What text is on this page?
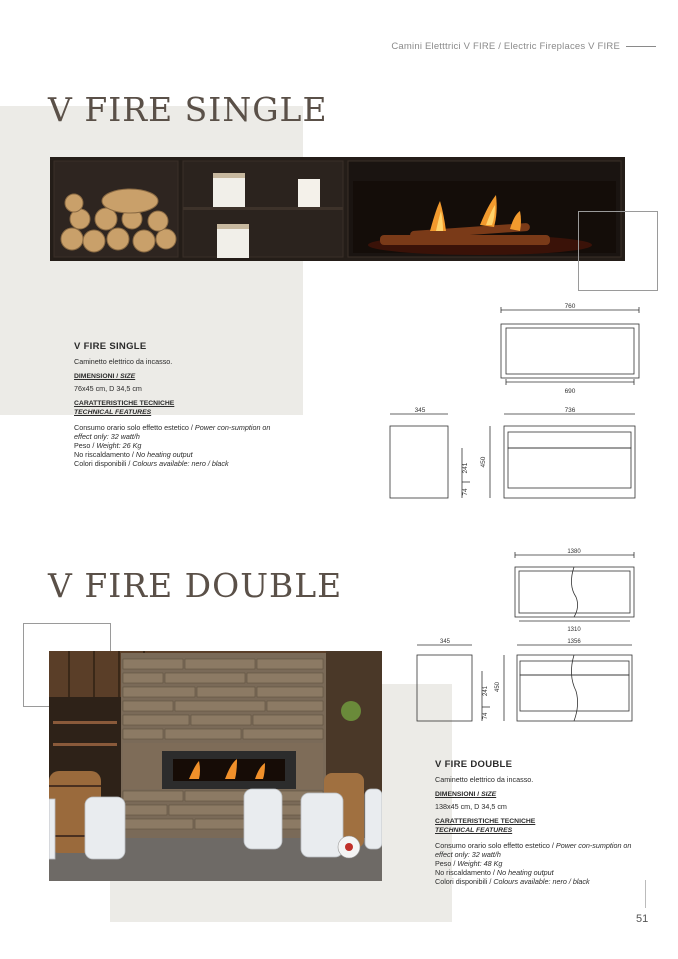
Camini Eletttrici V FIRE / Electric Fireplaces V FIRE
V FIRE SINGLE
V FIRE SINGLE

Caminetto elettrico da incasso.

DIMENSIONI / SIZE

76x45 cm, D 34,5 cm

CARATTERISTICHE TECNICHE

TECHNICAL FEATURES

Consumo orario solo effetto estetico / Power con-sumption on effect only: 32 watt/h

Peso / Weight: 26 Kg

No riscaldamento / No heating output

Colori disponibili / Colours available: nero / black

760
690
345
241
74
450
736
V FIRE DOUBLE
1380
1310
345
241
74
450
1356
V FIRE DOUBLE

Caminetto elettrico da incasso.

DIMENSIONI / SIZE

138x45 cm, D 34,5 cm

CARATTERISTICHE TECNICHE

TECHNICAL FEATURES

Consumo orario solo effetto estetico / Power con-sumption on effect only: 32 watt/h

Peso / Weight: 48 Kg

No riscaldamento / No heating output

Colori disponibili / Colours available: nero / black

51
